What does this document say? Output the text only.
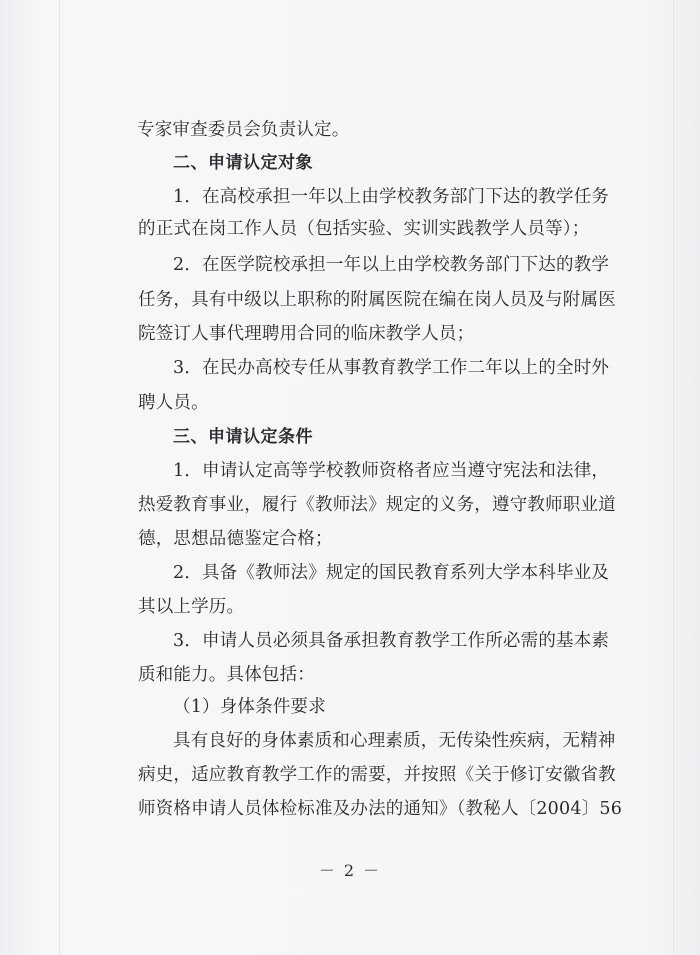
专家审查委员会负责认定。
二、申请认定对象
1．在高校承担一年以上由学校教务部门下达的教学任务
的正式在岗工作人员（包括实验、实训实践教学人员等）；
2．在医学院校承担一年以上由学校教务部门下达的教学
任务，具有中级以上职称的附属医院在编在岗人员及与附属医
院签订人事代理聘用合同的临床教学人员；
3．在民办高校专任从事教育教学工作二年以上的全时外
聘人员。
三、申请认定条件
1．申请认定高等学校教师资格者应当遵守宪法和法律，
热爱教育事业，履行《教师法》规定的义务，遵守教师职业道
德，思想品德鉴定合格；
2．具备《教师法》规定的国民教育系列大学本科毕业及
其以上学历。
3．申请人员必须具备承担教育教学工作所必需的基本素
质和能力。具体包括：
（1）身体条件要求
具有良好的身体素质和心理素质，无传染性疾病，无精神
病史，适应教育教学工作的需要，并按照《关于修订安徽省教
师资格申请人员体检标准及办法的通知》（教秘人〔2004〕56
－ 2 －
